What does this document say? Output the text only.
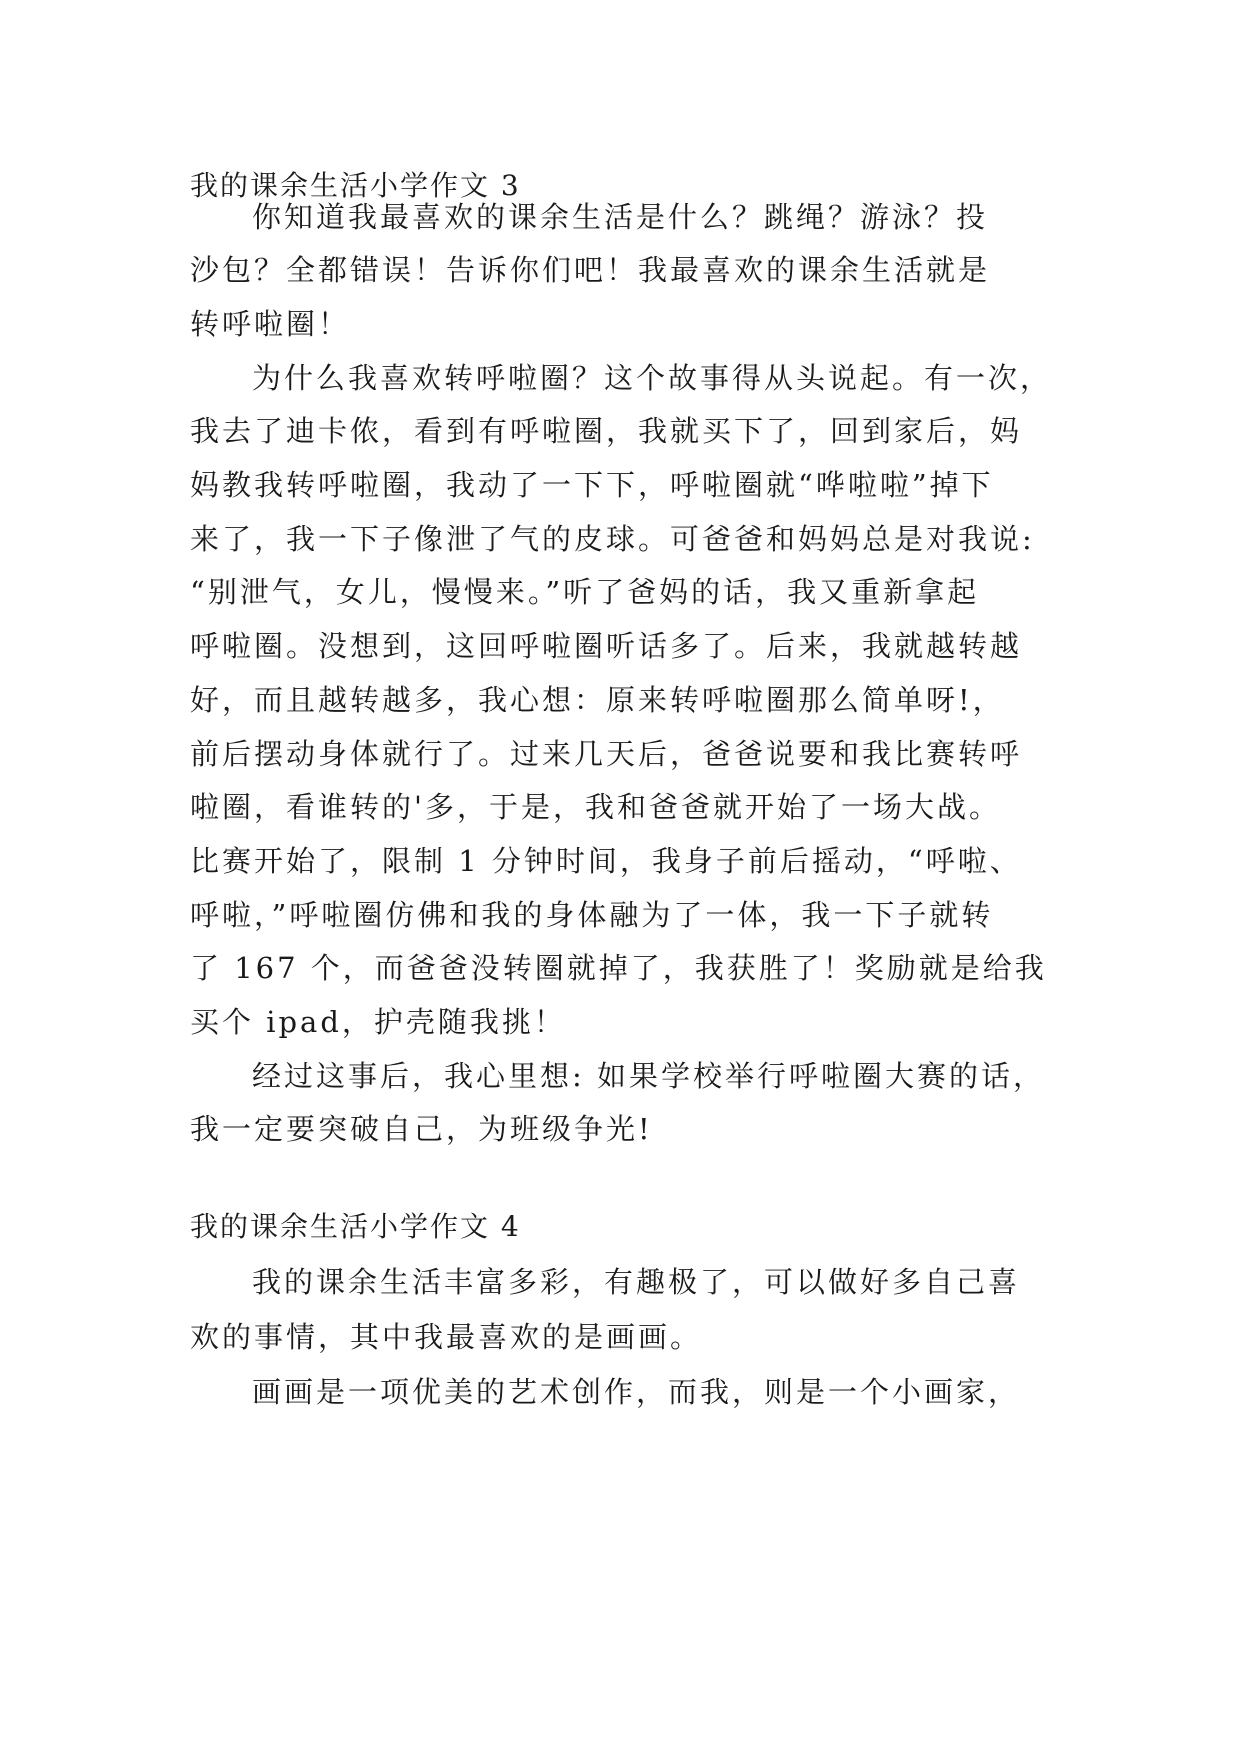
我的课余生活小学作文 3
你知道我最喜欢的课余生活是什么？跳绳？游泳？投
沙包？全都错误！告诉你们吧！我最喜欢的课余生活就是
转呼啦圈！
为什么我喜欢转呼啦圈？这个故事得从头说起。有一次，
我去了迪卡侬，看到有呼啦圈，我就买下了，回到家后，妈
妈教我转呼啦圈，我动了一下下，呼啦圈就“哗啦啦”掉下
来了，我一下子像泄了气的皮球。可爸爸和妈妈总是对我说:
“别泄气，女儿，慢慢来。”听了爸妈的话，我又重新拿起
呼啦圈。没想到，这回呼啦圈听话多了。后来，我就越转越
好，而且越转越多，我心想：原来转呼啦圈那么简单呀!，
前后摆动身体就行了。过来几天后，爸爸说要和我比赛转呼
啦圈，看谁转的'多，于是，我和爸爸就开始了一场大战。
比赛开始了，限制 1 分钟时间，我身子前后摇动，“呼啦、
呼啦，”呼啦圈仿佛和我的身体融为了一体，我一下子就转
了 167 个，而爸爸没转圈就掉了，我获胜了！奖励就是给我
买个 ipad，护壳随我挑！
经过这事后，我心里想: 如果学校举行呼啦圈大赛的话，
我一定要突破自己，为班级争光!
我的课余生活小学作文 4
我的课余生活丰富多彩，有趣极了，可以做好多自己喜
欢的事情，其中我最喜欢的是画画。
画画是一项优美的艺术创作，而我，则是一个小画家，
